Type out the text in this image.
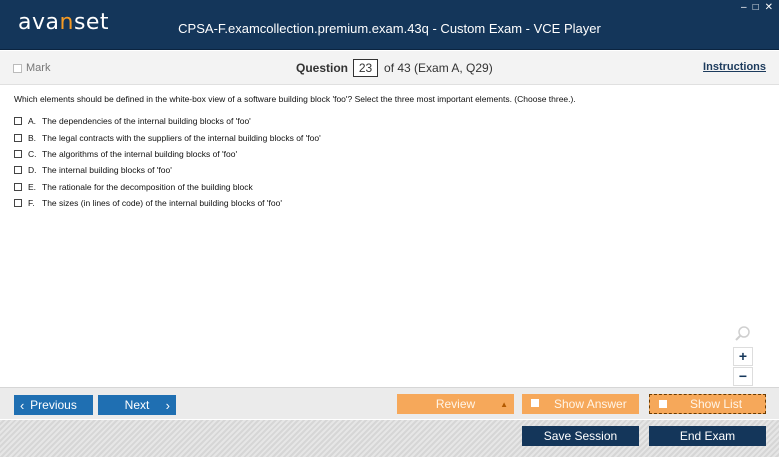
avanset	CPSA-F.examcollection.premium.exam.43q - Custom Exam - VCE Player
– □ ✕
Mark	Question 23 of 43 (Exam A, Q29)	Instructions
Which elements should be defined in the white-box view of a software building block 'foo'? Select the three most important elements. (Choose three.).
A. The dependencies of the internal building blocks of 'foo'
B. The legal contracts with the suppliers of the internal building blocks of 'foo'
C. The algorithms of the internal building blocks of 'foo'
D. The internal building blocks of 'foo'
E. The rationale for the decomposition of the building block
F. The sizes (in lines of code) of the internal building blocks of 'foo'
+
−
‹ Previous	Next ›	Review	▲	Show Answer	Show List
Save Session	End Exam
